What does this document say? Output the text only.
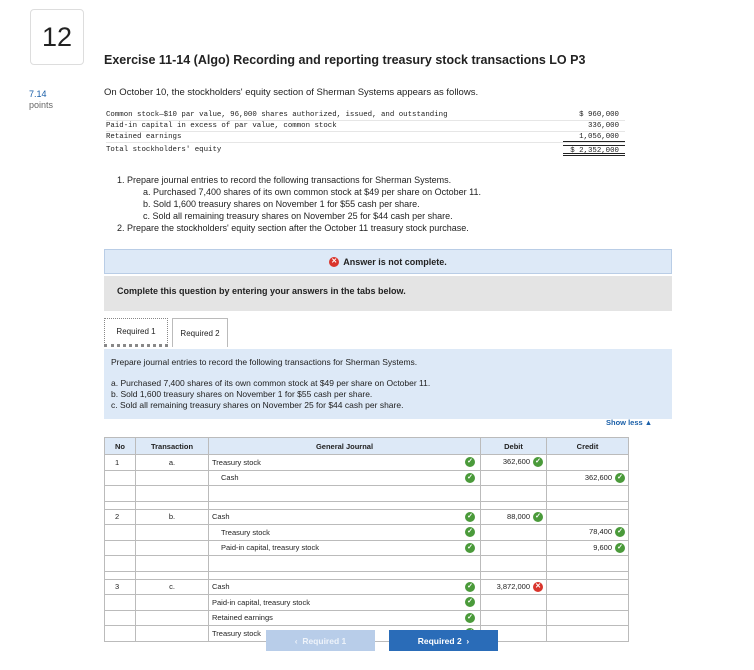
12
7.14
points
Exercise 11-14 (Algo) Recording and reporting treasury stock transactions LO P3
On October 10, the stockholders' equity section of Sherman Systems appears as follows.
Common stock—$10 par value, 96,000 shares authorized, issued, and outstanding	$ 960,000
Paid-in capital in excess of par value, common stock	336,000
Retained earnings	1,056,000
Total stockholders' equity	$ 2,352,000
1. Prepare journal entries to record the following transactions for Sherman Systems.
a. Purchased 7,400 shares of its own common stock at $49 per share on October 11.
b. Sold 1,600 treasury shares on November 1 for $55 cash per share.
c. Sold all remaining treasury shares on November 25 for $44 cash per share.
2. Prepare the stockholders' equity section after the October 11 treasury stock purchase.
✕ Answer is not complete.
Complete this question by entering your answers in the tabs below.
Required 1	Required 2
Prepare journal entries to record the following transactions for Sherman Systems.
a. Purchased 7,400 shares of its own common stock at $49 per share on October 11.
b. Sold 1,600 treasury shares on November 1 for $55 cash per share.
c. Sold all remaining treasury shares on November 25 for $44 cash per share.
Show less ▲
No	Transaction	General Journal	Debit	Credit
1	a.	Treasury stock ✓	362,600 ✓	

		Cash ✓		362,600 ✓

2	b.	Cash ✓	88,000 ✓	

		Treasury stock ✓		78,400 ✓

		Paid-in capital, treasury stock ✓		9,600 ✓

3	c.	Cash ✓	3,872,000 ✕	

		Paid-in capital, treasury stock ✓		

		Retained earnings ✓		

		Treasury stock		

‹ Required 1	Required 2 ›
